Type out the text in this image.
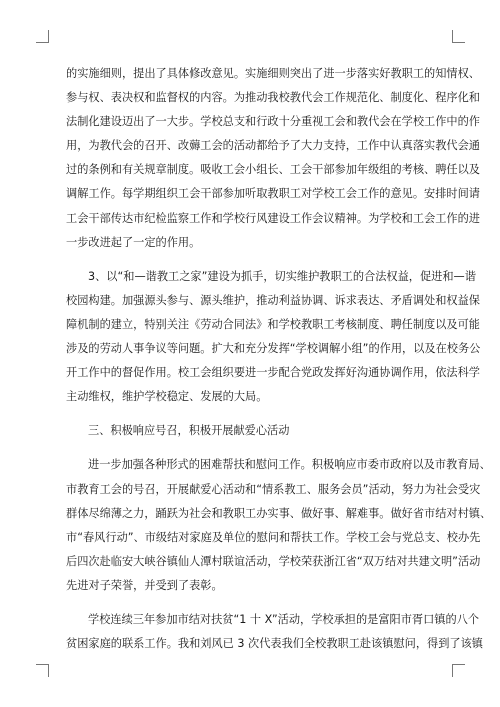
的实施细则，提出了具体修改意见。实施细则突出了进一步落实好教职工的知情权、
参与权、表决权和监督权的内容。为推动我校教代会工作规范化、制度化、程序化和
法制化建设迈出了一大步。学校总支和行政十分重视工会和教代会在学校工作中的作
用，为教代会的召开、改薅工会的活动都给予了大力支持，工作中认真落实教代会通
过的条例和有关规章制度。吸收工会小组长、工会干部参加年级组的考核、聘任以及
调解工作。每学期组织工会干部参加听取教职工对学校工会工作的意见。安排时间请
工会干部传达市纪检监察工作和学校行风建设工作会议精神。为学校和工会工作的进
一步改进起了一定的作用。
3、以“和—谐教工之家”建设为抓手，切实维护教职工的合法权益，促进和—谐
校园构建。加强源头参与、源头维护，推动利益协调、诉求表达、矛盾调处和权益保
障机制的建立，特别关注《劳动合同法》和学校教职工考核制度、聘任制度以及可能
涉及的劳动人事争议等问题。扩大和充分发挥“学校调解小组”的作用，以及在校务公
开工作中的督促作用。校工会组织要进一步配合党政发挥好沟通协调作用，依法科学
主动维权，维护学校稳定、发展的大局。
三、积极响应号召，积极开展献爱心活动
进一步加强各种形式的困难帮扶和慰问工作。积极响应市委市政府以及市教育局、
市教育工会的号召，开展献爱心活动和“情系教工、服务会员”活动，努力为社会受灾
群体尽绵薄之力，踊跃为社会和教职工办实事、做好事、解难事。做好省市结对村镇、
市“春风行动”、市级结对家庭及单位的慰问和帮扶工作。学校工会与党总支、校办先
后四次赴临安大峡谷镇仙人潭村联谊活动，学校荣获浙江省“双万结对共建文明”活动
先进对子荣誉，并受到了表彰。
学校连续三年参加市结对扶贫“1 十 X”活动，学校承担的是富阳市胥口镇的八个
贫困家庭的联系工作。我和刘风已 3 次代表我们全校教职工赴该镇慰问，得到了该镇
